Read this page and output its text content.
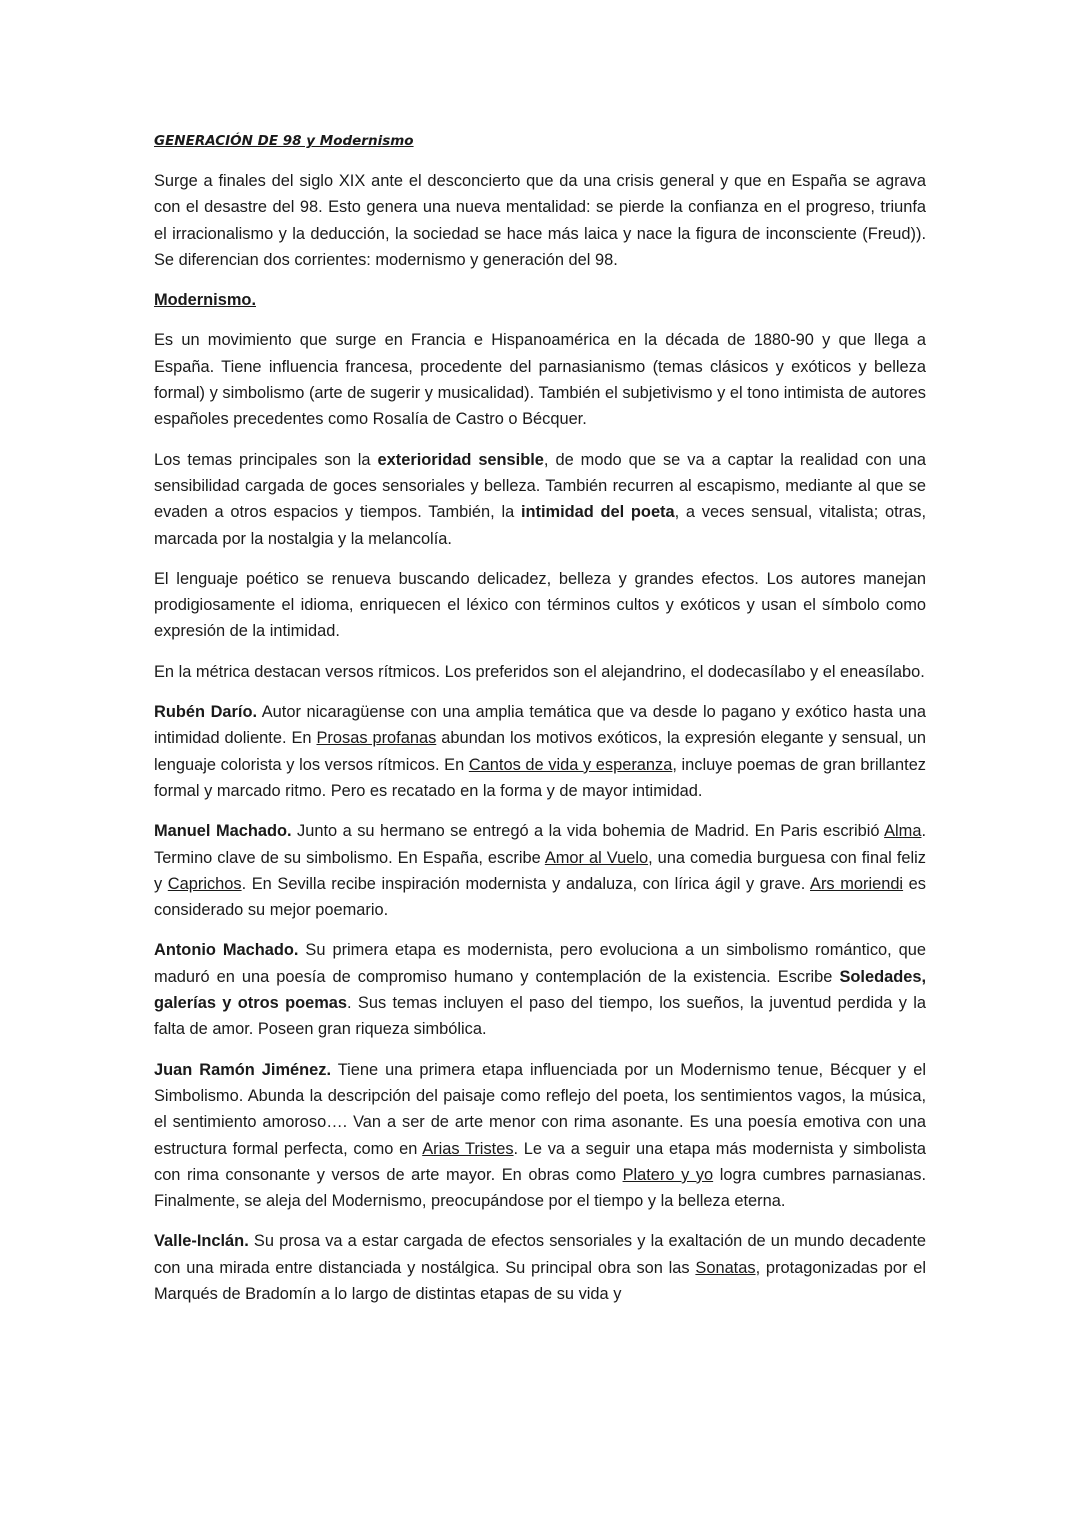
GENERACIÓN DE 98 y Modernismo

Surge a finales del siglo XIX ante el desconcierto que da una crisis general y que en España se agrava con el desastre del 98. Esto genera una nueva mentalidad: se pierde la confianza en el progreso, triunfa el irracionalismo y la deducción, la sociedad se hace más laica y nace la figura de inconsciente (Freud)). Se diferencian dos corrientes: modernismo y generación del 98.

Modernismo.

Es un movimiento que surge en Francia e Hispanoamérica en la década de 1880-90 y que llega a España. Tiene influencia francesa, procedente del parnasianismo (temas clásicos y exóticos y belleza formal) y simbolismo (arte de sugerir y musicalidad). También el subjetivismo y el tono intimista de autores españoles precedentes como Rosalía de Castro o Bécquer.

Los temas principales son la exterioridad sensible, de modo que se va a captar la realidad con una sensibilidad cargada de goces sensoriales y belleza. También recurren al escapismo, mediante al que se evaden a otros espacios y tiempos. También, la intimidad del poeta, a veces sensual, vitalista; otras, marcada por la nostalgia y la melancolía.

El lenguaje poético se renueva buscando delicadez, belleza y grandes efectos. Los autores manejan prodigiosamente el idioma, enriquecen el léxico con términos cultos y exóticos y usan el símbolo como expresión de la intimidad.

En la métrica destacan versos rítmicos. Los preferidos son el alejandrino, el dodecasílabo y el eneasílabo.

Rubén Darío. Autor nicaragüense con una amplia temática que va desde lo pagano y exótico hasta una intimidad doliente. En Prosas profanas abundan los motivos exóticos, la expresión elegante y sensual, un lenguaje colorista y los versos rítmicos. En Cantos de vida y esperanza, incluye poemas de gran brillantez formal y marcado ritmo. Pero es recatado en la forma y de mayor intimidad.

Manuel Machado. Junto a su hermano se entregó a la vida bohemia de Madrid. En Paris escribió Alma. Termino clave de su simbolismo. En España, escribe Amor al Vuelo, una comedia burguesa con final feliz y Caprichos. En Sevilla recibe inspiración modernista y andaluza, con lírica ágil y grave. Ars moriendi es considerado su mejor poemario.

Antonio Machado. Su primera etapa es modernista, pero evoluciona a un simbolismo romántico, que maduró en una poesía de compromiso humano y contemplación de la existencia. Escribe Soledades, galerías y otros poemas. Sus temas incluyen el paso del tiempo, los sueños, la juventud perdida y la falta de amor. Poseen gran riqueza simbólica.

Juan Ramón Jiménez. Tiene una primera etapa influenciada por un Modernismo tenue, Bécquer y el Simbolismo. Abunda la descripción del paisaje como reflejo del poeta, los sentimientos vagos, la música, el sentimiento amoroso…. Van a ser de arte menor con rima asonante. Es una poesía emotiva con una estructura formal perfecta, como en Arias Tristes. Le va a seguir una etapa más modernista y simbolista con rima consonante y versos de arte mayor. En obras como Platero y yo logra cumbres parnasianas. Finalmente, se aleja del Modernismo, preocupándose por el tiempo y la belleza eterna.

Valle-Inclán. Su prosa va a estar cargada de efectos sensoriales y la exaltación de un mundo decadente con una mirada entre distanciada y nostálgica. Su principal obra son las Sonatas, protagonizadas por el Marqués de Bradomín a lo largo de distintas etapas de su vida y
